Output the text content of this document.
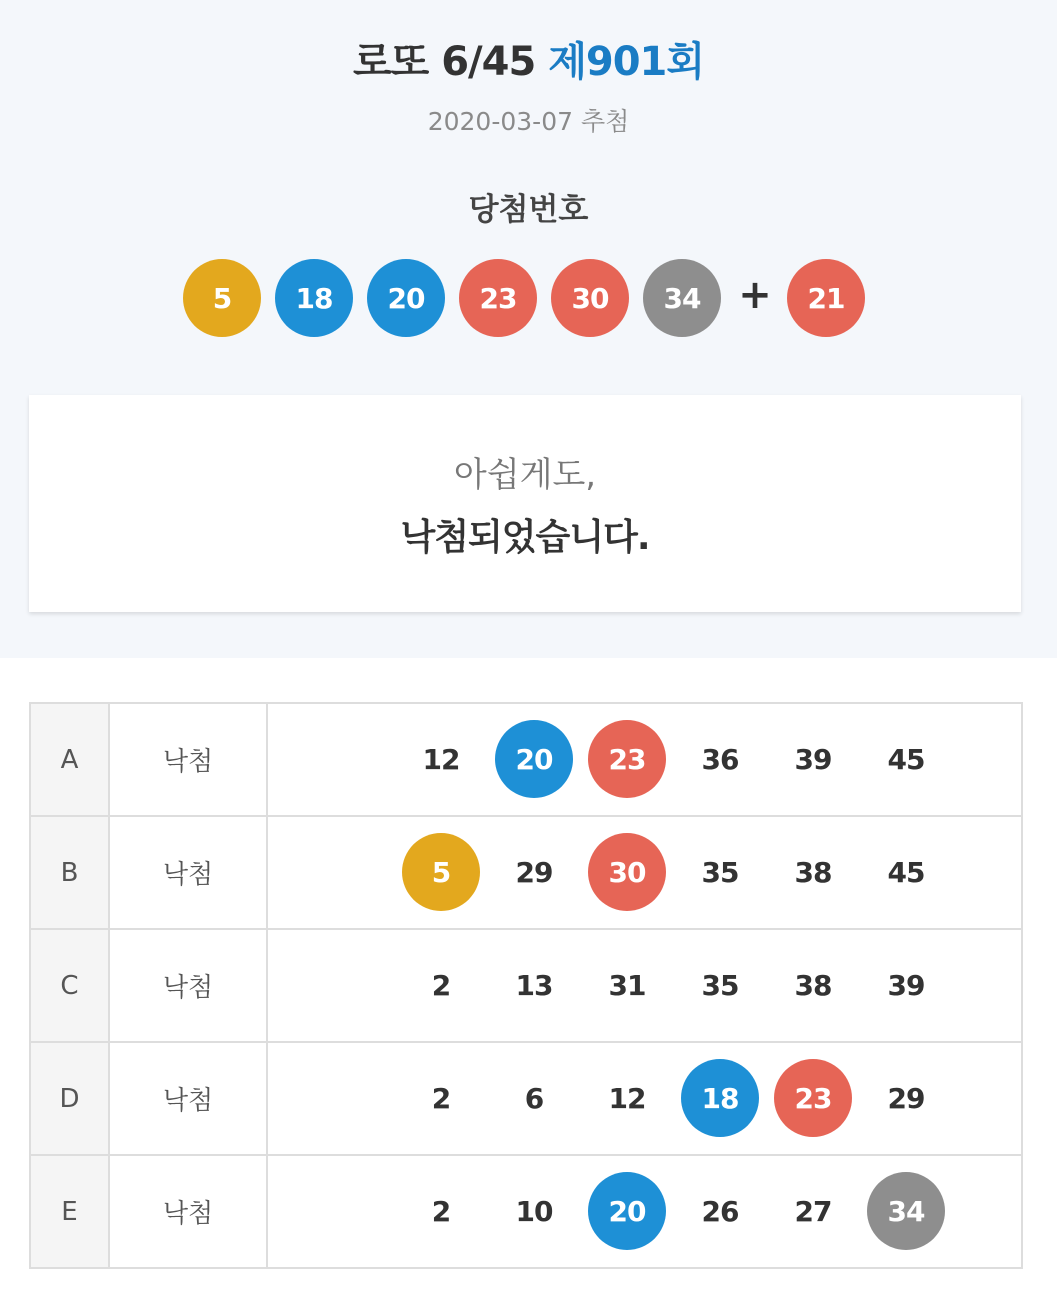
로또 6/45 제901회
2020-03-07 추첨
당첨번호
+
5	18	20	23	30	34	21
아쉽게도,
낙첨되었습니다.
A	낙첨	12	20	23	36	39	45
B	낙첨	5	29	30	35	38	45
C	낙첨	2	13	31	35	38	39
D	낙첨	2	6	12	18	23	29
E	낙첨	2	10	20	26	27	34
